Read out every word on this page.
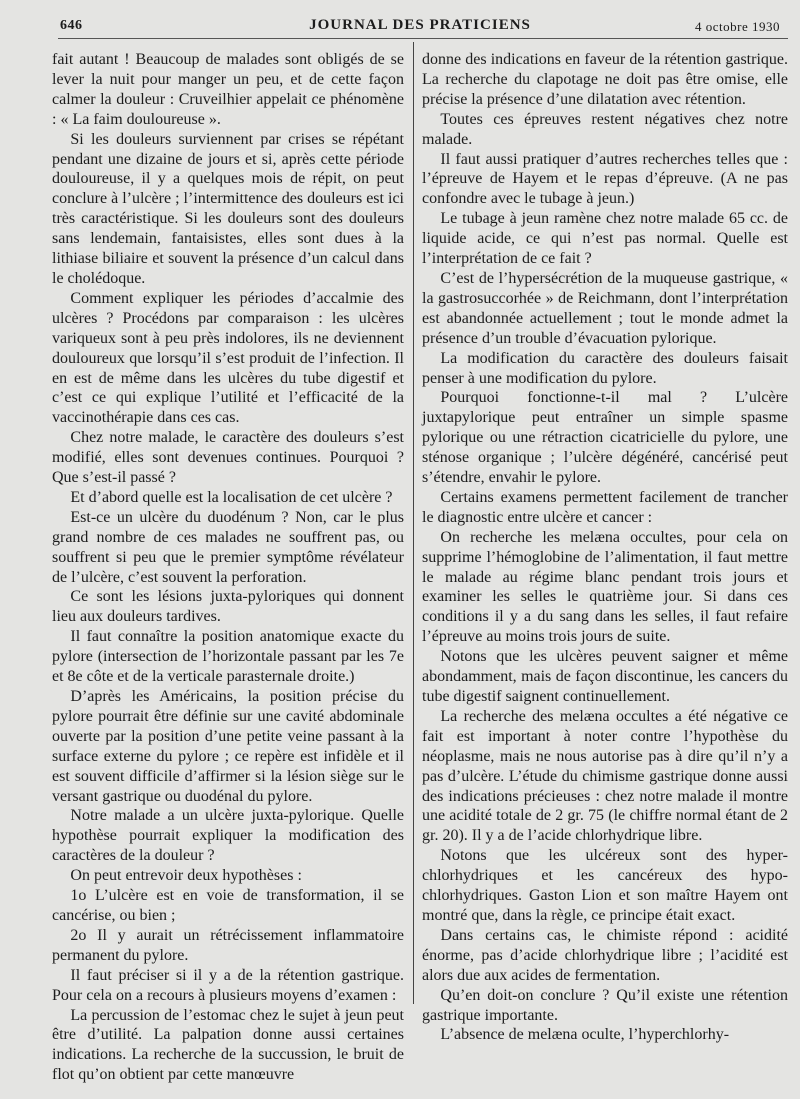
646	JOURNAL DES PRATICIENS	4 octobre 1930

fait autant ! Beaucoup de malades sont obligés de se lever la nuit pour manger un peu, et de cette façon calmer la douleur : Cruveilhier appelait ce phénomène : « La faim douloureuse ».

Si les douleurs surviennent par crises se répétant pendant une dizaine de jours et si, après cette période douloureuse, il y a quelques mois de répit, on peut conclure à l’ulcère ; l’intermittence des douleurs est ici très caractéristique. Si les douleurs sont des douleurs sans lendemain, fantaisistes, elles sont dues à la lithiase biliaire et souvent la présence d’un calcul dans le cholédoque.

Comment expliquer les périodes d’accalmie des ulcères ? Procédons par comparaison : les ulcères variqueux sont à peu près indolores, ils ne deviennent douloureux que lorsqu’il s’est produit de l’infection. Il en est de même dans les ulcères du tube digestif et c’est ce qui explique l’utilité et l’efficacité de la vaccinothérapie dans ces cas.

Chez notre malade, le caractère des douleurs s’est modifié, elles sont devenues continues. Pourquoi ? Que s’est-il passé ?

Et d’abord quelle est la localisation de cet ulcère ?

Est-ce un ulcère du duodénum ? Non, car le plus grand nombre de ces malades ne souffrent pas, ou souffrent si peu que le premier symptôme révélateur de l’ulcère, c’est souvent la perforation.

Ce sont les lésions juxta-pyloriques qui donnent lieu aux douleurs tardives.

Il faut connaître la position anatomique exacte du pylore (intersection de l’horizontale passant par les 7e et 8e côte et de la verticale parasternale droite.)

D’après les Américains, la position précise du pylore pourrait être définie sur une cavité abdominale ouverte par la position d’une petite veine passant à la surface externe du pylore ; ce repère est infidèle et il est souvent difficile d’affirmer si la lésion siège sur le versant gastrique ou duodénal du pylore.

Notre malade a un ulcère juxta-pylorique. Quelle hypothèse pourrait expliquer la modification des caractères de la douleur ?

On peut entrevoir deux hypothèses :

1o L’ulcère est en voie de transformation, il se cancérise, ou bien ;

2o Il y aurait un rétrécissement inflammatoire permanent du pylore.

Il faut préciser si il y a de la rétention gastrique. Pour cela on a recours à plusieurs moyens d’examen :

La percussion de l’estomac chez le sujet à jeun peut être d’utilité. La palpation donne aussi certaines indications. La recherche de la succussion, le bruit de flot qu’on obtient par cette manœuvre

donne des indications en faveur de la rétention gastrique. La recherche du clapotage ne doit pas être omise, elle précise la présence d’une dilatation avec rétention.

Toutes ces épreuves restent négatives chez notre malade.

Il faut aussi pratiquer d’autres recherches telles que : l’épreuve de Hayem et le repas d’épreuve. (A ne pas confondre avec le tubage à jeun.)

Le tubage à jeun ramène chez notre malade 65 cc. de liquide acide, ce qui n’est pas normal. Quelle est l’interprétation de ce fait ?

C’est de l’hypersécrétion de la muqueuse gastrique, « la gastrosuccorhée » de Reichmann, dont l’interprétation est abandonnée actuellement ; tout le monde admet la présence d’un trouble d’évacuation pylorique.

La modification du caractère des douleurs faisait penser à une modification du pylore.

Pourquoi fonctionne-t-il mal ? L’ulcère juxtapylorique peut entraîner un simple spasme pylorique ou une rétraction cicatricielle du pylore, une sténose organique ; l’ulcère dégénéré, cancérisé peut s’étendre, envahir le pylore.

Certains examens permettent facilement de trancher le diagnostic entre ulcère et cancer :

On recherche les melæna occultes, pour cela on supprime l’hémoglobine de l’alimentation, il faut mettre le malade au régime blanc pendant trois jours et examiner les selles le quatrième jour. Si dans ces conditions il y a du sang dans les selles, il faut refaire l’épreuve au moins trois jours de suite.

Notons que les ulcères peuvent saigner et même abondamment, mais de façon discontinue, les cancers du tube digestif saignent continuellement.

La recherche des melæna occultes a été négative ce fait est important à noter contre l’hypothèse du néoplasme, mais ne nous autorise pas à dire qu’il n’y a pas d’ulcère. L’étude du chimisme gastrique donne aussi des indications précieuses : chez notre malade il montre une acidité totale de 2 gr. 75 (le chiffre normal étant de 2 gr. 20). Il y a de l’acide chlorhydrique libre.

Notons que les ulcéreux sont des hyper-chlorhydriques et les cancéreux des hypo-chlorhydriques. Gaston Lion et son maître Hayem ont montré que, dans la règle, ce principe était exact.

Dans certains cas, le chimiste répond : acidité énorme, pas d’acide chlorhydrique libre ; l’acidité est alors due aux acides de fermentation.

Qu’en doit-on conclure ? Qu’il existe une rétention gastrique importante.

L’absence de melæna oculte, l’hyperchlorhy-
